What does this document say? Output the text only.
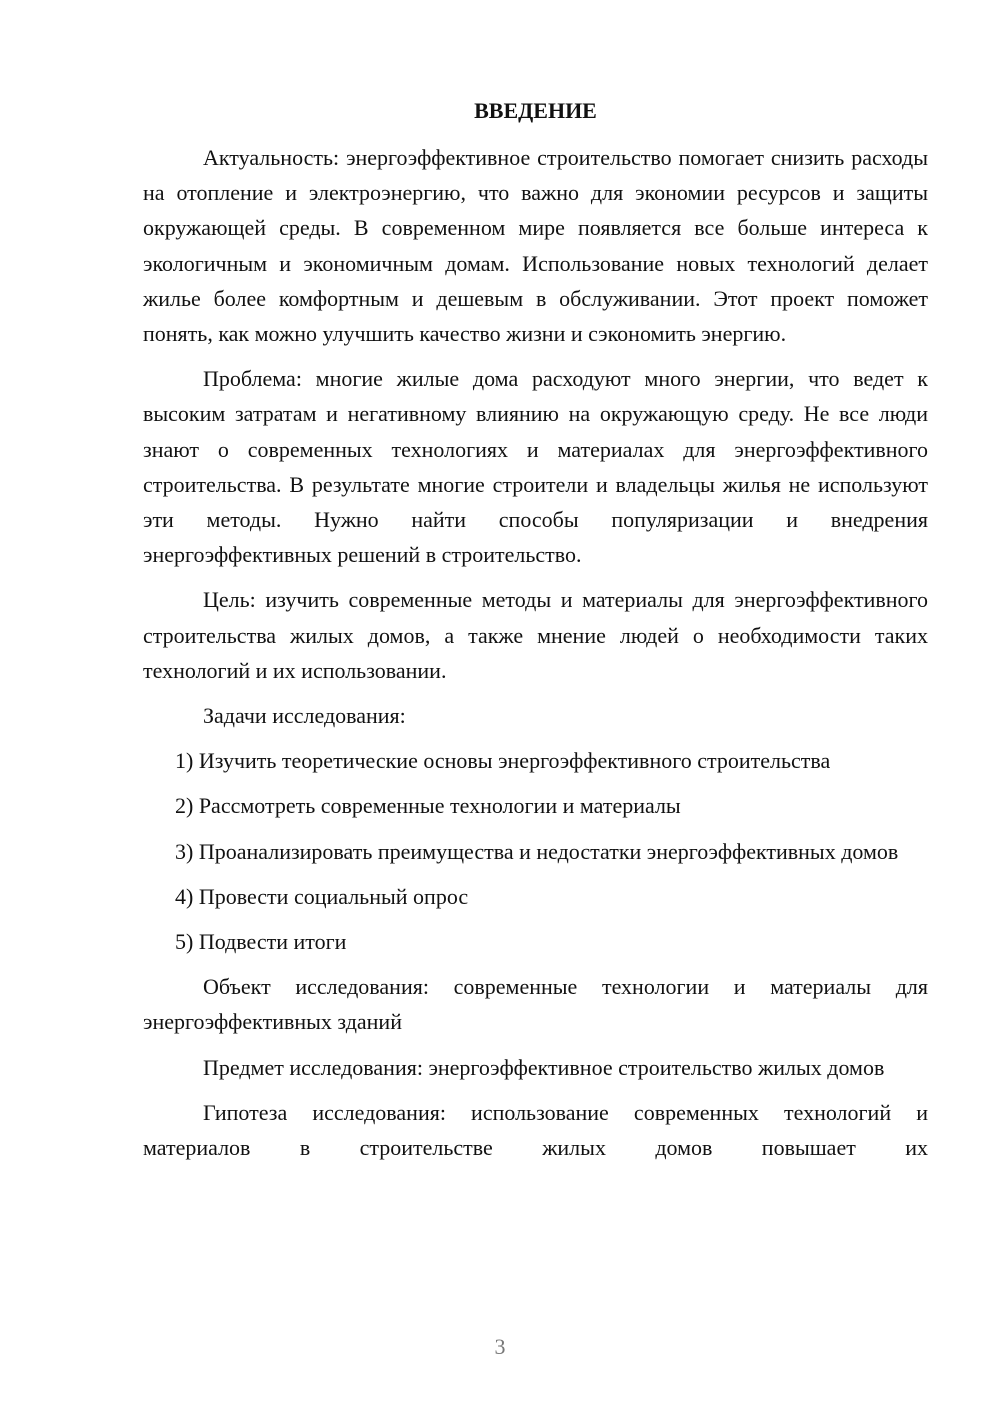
ВВЕДЕНИЕ

Актуальность: энергоэффективное строительство помогает снизить расходы на отопление и электроэнергию, что важно для экономии ресурсов и защиты окружающей среды. В современном мире появляется все больше интереса к экологичным и экономичным домам. Использование новых технологий делает жилье более комфортным и дешевым в обслуживании. Этот проект поможет понять, как можно улучшить качество жизни и сэкономить энергию.

Проблема: многие жилые дома расходуют много энергии, что ведет к высоким затратам и негативному влиянию на окружающую среду. Не все люди знают о современных технологиях и материалах для энергоэффективного строительства. В результате многие строители и владельцы жилья не используют эти методы. Нужно найти способы популяризации и внедрения энергоэффективных решений в строительство.

Цель: изучить современные методы и материалы для энергоэффективного строительства жилых домов, а также мнение людей о необходимости таких технологий и их использовании.

Задачи исследования:

1) Изучить теоретические основы энергоэффективного строительства

2) Рассмотреть современные технологии и материалы

3) Проанализировать преимущества и недостатки энергоэффективных домов

4) Провести социальный опрос

5) Подвести итоги

Объект исследования: современные технологии и материалы для энергоэффективных зданий

Предмет исследования: энергоэффективное строительство жилых домов

Гипотеза исследования: использование современных технологий и материалов в строительстве жилых домов повышает их

3
